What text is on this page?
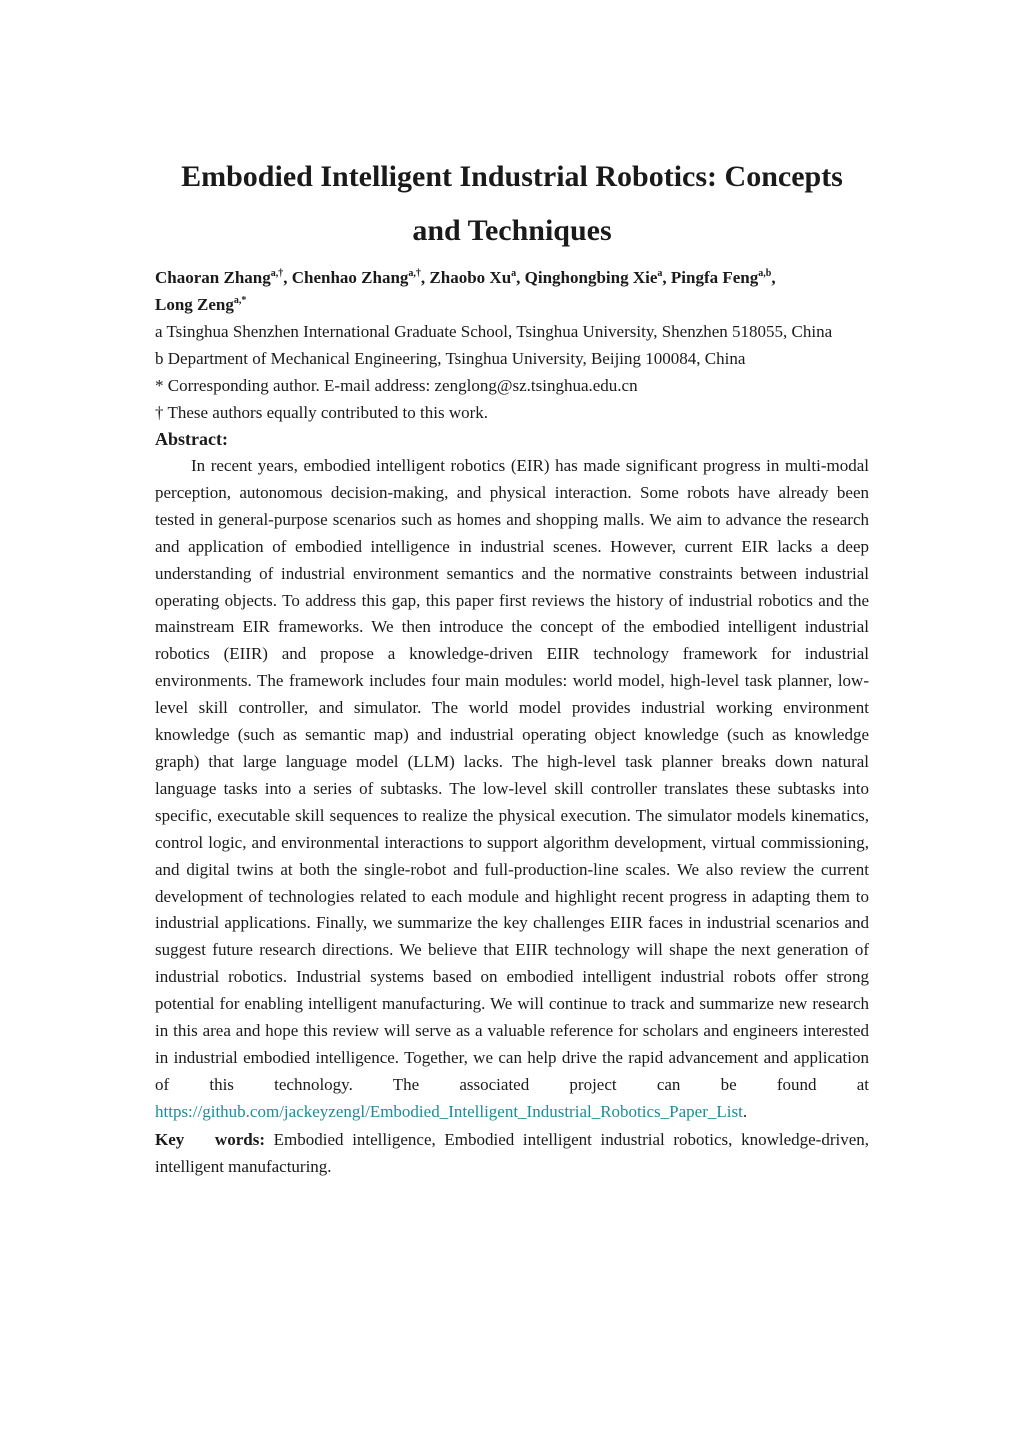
Embodied Intelligent Industrial Robotics: Concepts
and Techniques
Chaoran Zhang$^{a,\dagger}$, Chenhao Zhang$^{a,\dagger}$, Zhaobo Xu$^a$, Qinghongbing Xie$^a$, Pingfa Feng$^{a,b}$,
Long Zeng$^{a,*}$
a Tsinghua Shenzhen International Graduate School, Tsinghua University, Shenzhen 518055, China
b Department of Mechanical Engineering, Tsinghua University, Beijing 100084, China
* Corresponding author. E-mail address: zenglong@sz.tsinghua.edu.cn
† These authors equally contributed to this work.
Abstract:

In recent years, embodied intelligent robotics (EIR) has made significant progress in multi-modal perception, autonomous decision-making, and physical interaction. Some robots have already been tested in general-purpose scenarios such as homes and shopping malls. We aim to advance the research and application of embodied intelligence in industrial scenes. However, current EIR lacks a deep understanding of industrial environment semantics and the normative constraints between industrial operating objects. To address this gap, this paper first reviews the history of industrial robotics and the mainstream EIR frameworks. We then introduce the concept of the embodied intelligent industrial robotics (EIIR) and propose a knowledge-driven EIIR technology framework for industrial environments. The framework includes four main modules: world model, high-level task planner, low-level skill controller, and simulator. The world model provides industrial working environment knowledge (such as semantic map) and industrial operating object knowledge (such as knowledge graph) that large language model (LLM) lacks. The high-level task planner breaks down natural language tasks into a series of subtasks. The low-level skill controller translates these subtasks into specific, executable skill sequences to realize the physical execution. The simulator models kinematics, control logic, and environmental interactions to support algorithm development, virtual commissioning, and digital twins at both the single-robot and full-production-line scales. We also review the current development of technologies related to each module and highlight recent progress in adapting them to industrial applications. Finally, we summarize the key challenges EIIR faces in industrial scenarios and suggest future research directions. We believe that EIIR technology will shape the next generation of industrial robotics. Industrial systems based on embodied intelligent industrial robots offer strong potential for enabling intelligent manufacturing. We will continue to track and summarize new research in this area and hope this review will serve as a valuable reference for scholars and engineers interested in industrial embodied intelligence. Together, we can help drive the rapid advancement and application of this technology. The associated project can be found at https://github.com/jackeyzengl/Embodied_Intelligent_Industrial_Robotics_Paper_List.

Key words: Embodied intelligence, Embodied intelligent industrial robotics, knowledge-driven, intelligent manufacturing.
